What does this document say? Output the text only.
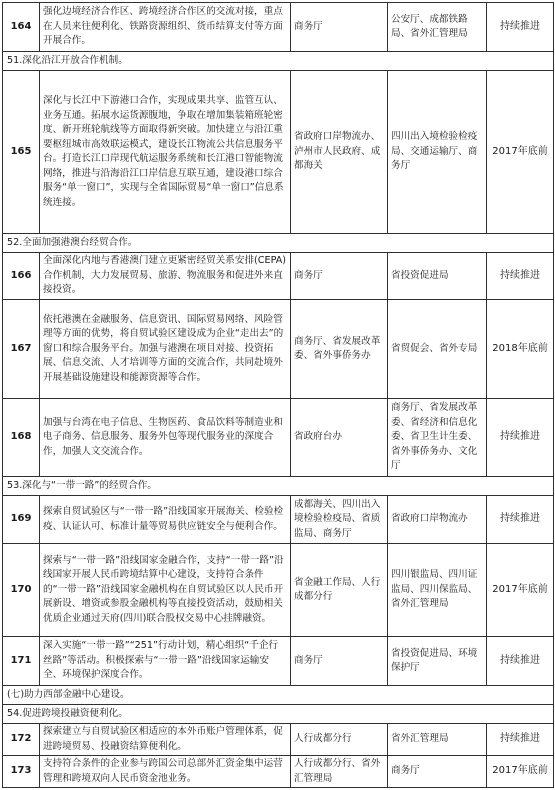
164	强化边境经济合作区、跨境经济合作区的交流对接，重点在人员来往便利化、铁路资源组织、货币结算支付等方面开展合作。	商务厅	公安厅、成都铁路局、省外汇管理局	持续推进
51.深化沿江开放合作机制。				
165	深化与长江中下游港口合作，实现成果共享、监管互认、业务互通。拓展水运货源腹地，争取在增加集装箱班轮密度、新开班轮航线等方面取得新突破。加快建立与沿江重要枢纽城市高效联运模式，建设长江物流公共信息服务平台。打造长江口岸现代航运服务系统和长江港口智能物流网络，推进与沿海沿江口岸信息互联互通，建设港口综合服务“单一窗口”，实现与全省国际贸易“单一窗口”信息系统连接。	省政府口岸物流办、泸州市人民政府、成都海关	四川出入境检验检疫局、交通运输厅、商务厅	2017年底前
52.全面加强港澳台经贸合作。				
166	全面深化内地与香港澳门建立更紧密经贸关系安排(CEPA)合作机制，大力发展贸易、旅游、物流服务和促进外来直接投资。	商务厅	省投资促进局	持续推进
167	依托港澳在金融服务、信息资讯、国际贸易网络、风险管理等方面的优势，将自贸试验区建设成为企业“走出去”的窗口和综合服务平台。加强与港澳在项目对接、投资拓展、信息交流、人才培训等方面的交流合作，共同赴境外开展基础设施建设和能源资源等合作。	商务厅、省发展改革委、省外事侨务办	省贸促会、省外专局	2018年底前
168	加强与台湾在电子信息、生物医药、食品饮料等制造业和电子商务、信息服务、服务外包等现代服务业的深度合作，加强人文交流合作。	省政府台办	商务厅、省发展改革委、省经济和信息化委、省卫生计生委、省外事侨务办、文化厅	持续推进
53.深化与“一带一路”的经贸合作。				
169	探索自贸试验区与“一带一路”沿线国家开展海关、检验检疫、认证认可、标准计量等贸易供应链安全与便利合作。	成都海关、四川出入境检验检疫局、省质监局、商务厅	省政府口岸物流办	持续推进
170	探索与“一带一路”沿线国家金融合作，支持“一带一路”沿线国家开展人民币跨境结算中心建设，支持符合条件的“一带一路”沿线国家金融机构在自贸试验区以人民币开展新设、增资或参股金融机构等直接投资活动，鼓励相关优质企业通过天府(四川)联合股权交易中心挂牌融资。	省金融工作局、人行成都分行	四川银监局、四川证监局、四川保监局、省外汇管理局	2017年底前
171	深入实施“一带一路”“251”行动计划，精心组织“千企行丝路”等活动。积极探索与“一带一路”沿线国家运输安全、环境保护深度合作。	商务厅	省投资促进局、环境保护厅	持续推进
(七)助力西部金融中心建设。				
54.促进跨境投融资便利化。				
172	探索建立与自贸试验区相适应的本外币账户管理体系，促进跨境贸易、投融资结算便利化。	人行成都分行	省外汇管理局	持续推进
173	支持符合条件的企业参与跨国公司总部外汇资金集中运营管理和跨境双向人民币资金池业务。	人行成都分行、省外汇管理局	商务厅	2017年底前
